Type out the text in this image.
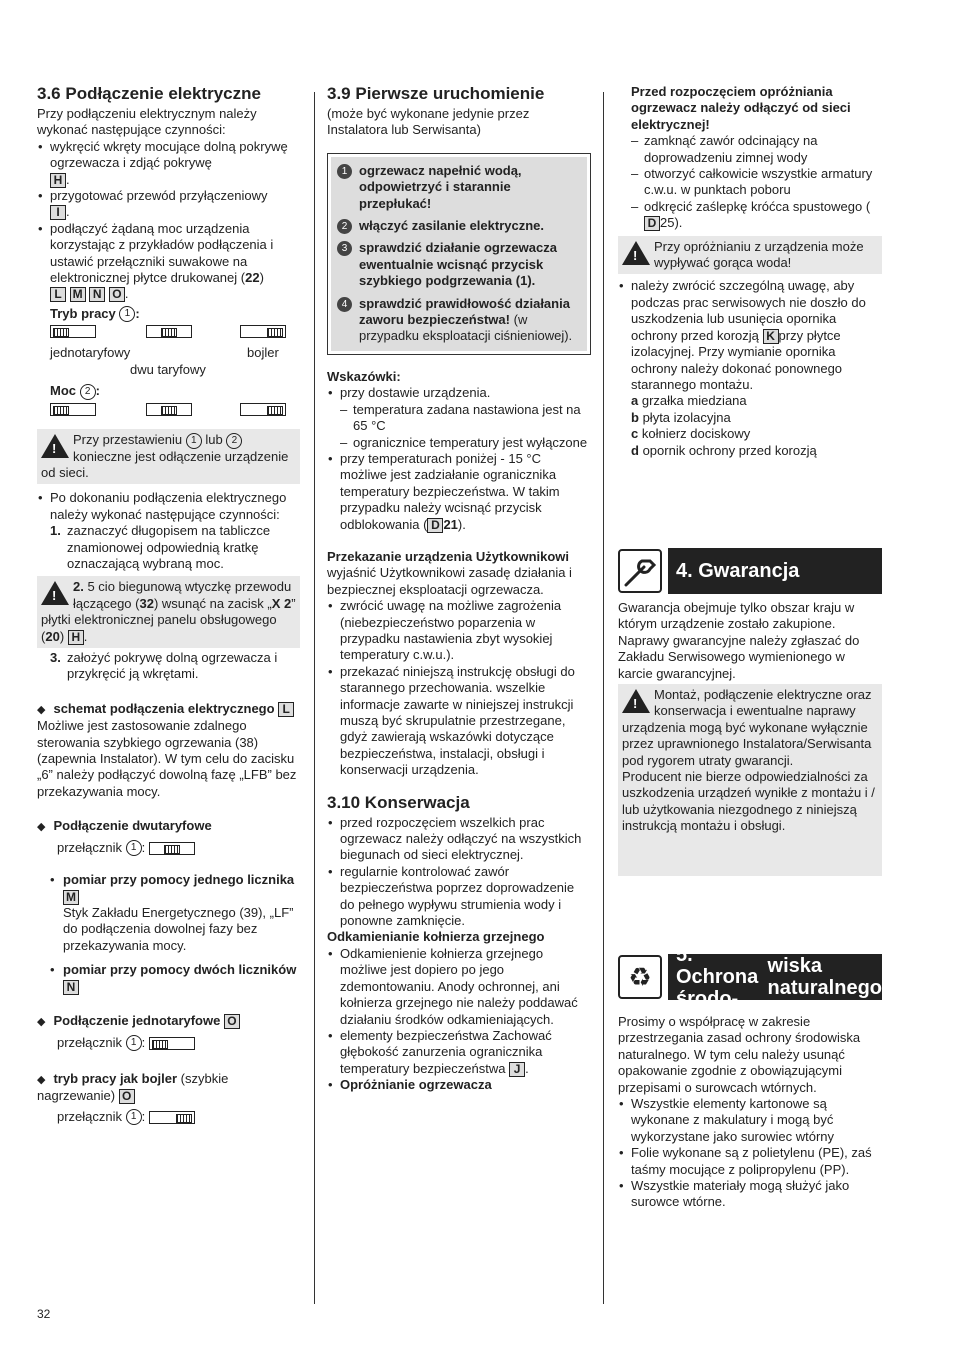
3.6 Podłączenie elektryczne

Przy podłączeniu elektrycznym należy wykonać następujące czynności:

• wykręcić wkręty mocujące dolną pokrywę ogrzewacza i zdjąć pokrywę
H .
• przygotować przewód przyłączeniowy
I .
• podłączyć żądaną moc urządzenia korzystając z przykładów podłączenia i ustawić przełączniki suwakowe na elektronicznej płytce drukowanej (22)
L M N O .
Tryb pracy 1 :
jednotaryfowy	bojler
dwu taryfowy
Moc 2 :
!
Przy przestawieniu 1 lub 2 konieczne jest odłączenie urządzenie od sieci.
• Po dokonaniu podłączenia elektrycznego należy wykonać następujące czynności:
1. zaznaczyć długopisem na tabliczce znamionowej odpowiednią kratkę oznaczającą wybraną moc.
!
2. 5 cio biegunową wtyczkę przewodu łączącego (32) wsunąć na zacisk „X 2” płytki elektronicznej panelu obsługowego (20) H .
3. założyć pokrywę dolną ogrzewacza i przykręcić ją wkrętami.
◆ schemat podłączenia elektrycznego L

Możliwe jest zastosowanie zdalnego sterowania szybkiego ogrzewania (38) (zapewnia Instalator). W tym celu do zacisku „6” należy podłączyć dowolną fazę „LFB” bez przekazywania mocy.

◆ Podłączenie dwutaryfowe
przełącznik 1 :
• pomiar przy pomocy jednego licznika M
Styk Zakładu Energetycznego (39), „LF” do podłączenia dowolnej fazy bez przekazywania mocy.
• pomiar przy pomocy dwóch liczników N
◆ Podłączenie jednotaryfowe O
przełącznik 1 :
◆ tryb pracy jak bojler (szybkie nagrzewanie) O
przełącznik 1 :
32
3.9 Pierwsze uruchomienie

(może być wykonane jedynie przez Instalatora lub Serwisanta)

1 ogrzewacz napełnić wodą, odpowietrzyć i starannie przepłukać!
2 włączyć zasilanie elektryczne.
3 sprawdzić działanie ogrzewacza ewentualnie wcisnąć przycisk szybkiego podgrzewania (1).
4 sprawdzić prawidłowość działania zaworu bezpieczeństwa! (w przypadku eksploatacji ciśnieniowej).
Wskazówki:
• przy dostawie urządzenia.
– temperatura zadana nastawiona jest na 65 °C
– ogranicznice temperatury jest wyłączone
• przy temperaturach poniżej - 15 °C możliwe jest zadziałanie ogranicznika temperatury bezpieczeństwa. W takim przypadku należy wcisnąć przycisk odblokowania ( D 21).
Przekazanie urządzenia Użytkownikowi

wyjaśnić Użytkownikowi zasadę działania i bezpiecznej eksploatacji ogrzewacza.

• zwrócić uwagę na możliwe zagrożenia (niebezpieczeństwo poparzenia w przypadku nastawienia zbyt wysokiej temperatury c.w.u.).
• przekazać niniejszą instrukcję obsługi do starannego przechowania. wszelkie informacje zawarte w niniejszej instrukcji muszą być skrupulatnie przestrzegane, gdyż zawierają wskazówki dotyczące bezpieczeństwa, instalacji, obsługi i konserwacji urządzenia.
3.10 Konserwacja
• przed rozpoczęciem wszelkich prac ogrzewacz należy odłączyć na wszystkich biegunach od sieci elektrycznej.
• regularnie kontrolować zawór bezpieczeństwa poprzez doprowadzenie do pełnego wypływu strumienia wody i ponowne zamknięcie.
Odkamienianie kołnierza grzejnego
• Odkamienienie kołnierza grzejnego możliwe jest dopiero po jego zdemontowaniu. Anody ochronnej, ani kołnierza grzejnego nie należy poddawać działaniu środków odkamieniających.
• elementy bezpieczeństwa Zachować głębokość zanurzenia ogranicznika temperatury bezpieczeństwa J .
• Opróżnianie ogrzewacza
Przed rozpoczęciem opróżniania ogrzewacz należy odłączyć od sieci elektrycznej!
– zamknąć zawór odcinający na doprowadzeniu zimnej wody
– otworzyć całkowicie wszystkie armatury c.w.u. w punktach poboru
– odkręcić zaślepkę króćca spustowego (D 25).
!
Przy opróżnianiu z urządzenia może wypływać gorąca woda!
• należy zwrócić szczególną uwagę, aby podczas prac serwisowych nie doszło do uszkodzenia lub usunięcia opornika ochrony przed korozją K przy płytce izolacyjnej. Przy wymianie opornika ochrony należy dokonać ponownego starannego montażu.
a grzałka miedziana
b płyta izolacyjna
c kołnierz dociskowy
d opornik ochrony przed korozją
4. Gwarancja

Gwarancja obejmuje tylko obszar kraju w którym urządzenie zostało zakupione. Naprawy gwarancyjne należy zgłaszać do Zakładu Serwisowego wymienionego w karcie gwarancyjnej.

!
Montaż, podłączenie elektryczne oraz konserwacja i ewentualne naprawy urządzenia mogą być wykonane wyłącznie przez uprawnionego Instalatora/Serwisanta pod rygorem utraty gwarancji.
Producent nie bierze odpowiedzialności za uszkodzenia urządzeń wynikłe z montażu i / lub użytkowania niezgodnego z niniejszą instrukcją montażu i obsługi.
♻
5. Ochrona środo-

wiska naturalnego

Prosimy o współpracę w zakresie przestrzegania zasad ochrony środowiska naturalnego. W tym celu należy usunąć opakowanie zgodnie z obowiązującymi przepisami o surowcach wtórnych.

• Wszystkie elementy kartonowe są wykonane z makulatury i mogą być wykorzystane jako surowiec wtórny
• Folie wykonane są z polietylenu (PE), zaś taśmy mocujące z polipropylenu (PP).
• Wszystkie materiały mogą służyć jako surowce wtórne.
